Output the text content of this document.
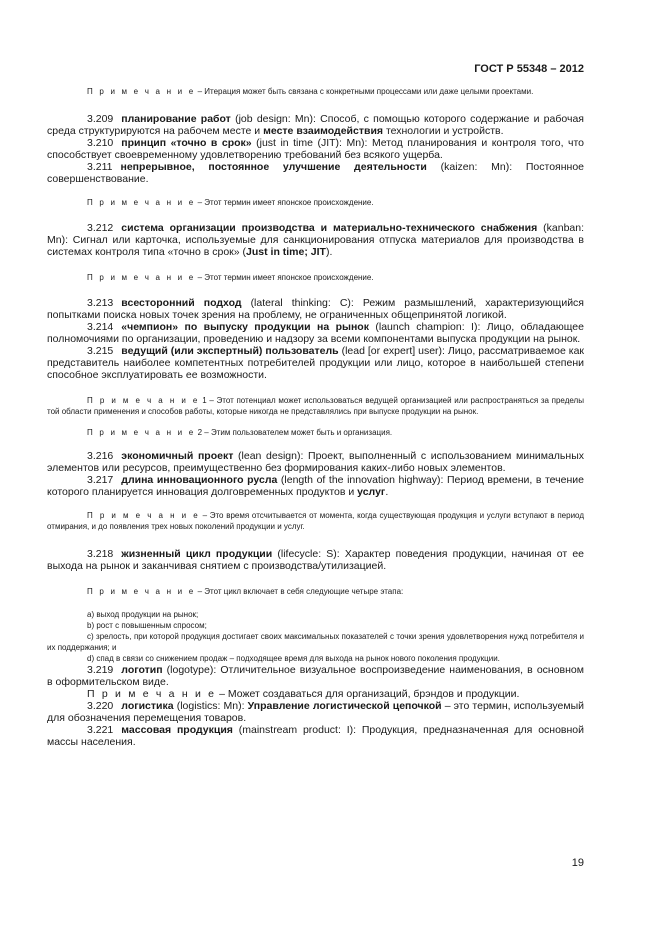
ГОСТ Р 55348 – 2012

П р и м е ч а н и е – Итерация может быть связана с конкретными процессами или даже целыми проектами.

3.209 планирование работ (job design: Mn): Способ, с помощью которого содержание и рабочая среда структурируются на рабочем месте и месте взаимодействия технологии и устройств.

3.210 принцип «точно в срок» (just in time (JIT): Mn): Метод планирования и контроля того, что способствует своевременному удовлетворению требований без всякого ущерба.

3.211 непрерывное, постоянное улучшение деятельности (kaizen: Mn): Постоянное совершенствование.

П р и м е ч а н и е – Этот термин имеет японское происхождение.

3.212 система организации производства и материально-технического снабжения (kanban: Mn): Сигнал или карточка, используемые для санкционирования отпуска материалов для производства в системах контроля типа «точно в срок» (Just in time; JIT).

П р и м е ч а н и е – Этот термин имеет японское происхождение.

3.213 всесторонний подход (lateral thinking: C): Режим размышлений, характеризующийся попытками поиска новых точек зрения на проблему, не ограниченных общепринятой логикой.

3.214 «чемпион» по выпуску продукции на рынок (launch champion: I): Лицо, обладающее полномочиями по организации, проведению и надзору за всеми компонентами выпуска продукции на рынок.

3.215 ведущий (или экспертный) пользователь (lead [or expert] user): Лицо, рассматриваемое как представитель наиболее компетентных потребителей продукции или лицо, которое в наибольшей степени способное эксплуатировать ее возможности.

П р и м е ч а н и е 1 – Этот потенциал может использоваться ведущей организацией или распространяться за пределы той области применения и способов работы, которые никогда не представлялись при выпуске продукции на рынок.

П р и м е ч а н и е 2 – Этим пользователем может быть и организация.

3.216 экономичный проект (lean design): Проект, выполненный с использованием минимальных элементов или ресурсов, преимущественно без формирования каких-либо новых элементов.

3.217 длина инновационного русла (length of the innovation highway): Период времени, в течение которого планируется инновация долговременных продуктов и услуг.

П р и м е ч а н и е – Это время отсчитывается от момента, когда существующая продукция и услуги вступают в период отмирания, и до появления трех новых поколений продукции и услуг.

3.218 жизненный цикл продукции (lifecycle: S): Характер поведения продукции, начиная от ее выхода на рынок и заканчивая снятием с производства/утилизацией.

П р и м е ч а н и е – Этот цикл включает в себя следующие четыре этапа:

a) выход продукции на рынок;
b) рост с повышенным спросом;
c) зрелость, при которой продукция достигает своих максимальных показателей с точки зрения удовлетворения нужд потребителя и их поддержания; и
d) спад в связи со снижением продаж – подходящее время для выхода на рынок нового поколения продукции.

3.219 логотип (logotype): Отличительное визуальное воспроизведение наименования, в основном в оформительском виде.

П р и м е ч а н и е – Может создаваться для организаций, брэндов и продукции.

3.220 логистика (logistics: Mn): Управление логистической цепочкой – это термин, используемый для обозначения перемещения товаров.

3.221 массовая продукция (mainstream product: I): Продукция, предназначенная для основной массы населения.

19
